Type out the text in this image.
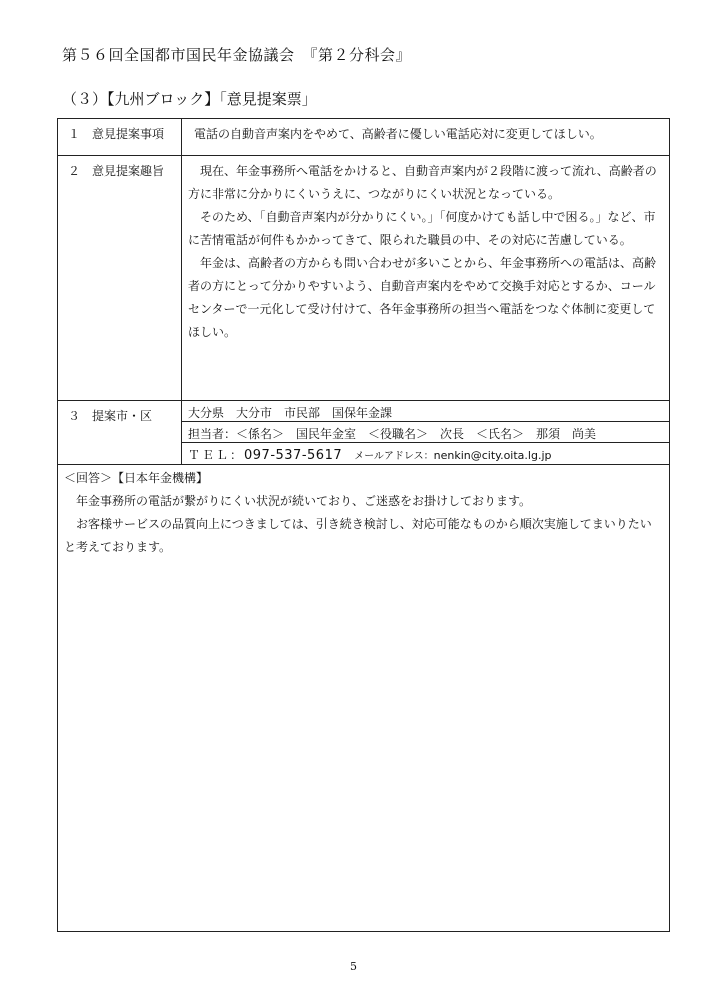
第５６回全国都市国民年金協議会　『第２分科会』
（３）【九州ブロック】「意見提案票」
１　意見提案事項	電話の自動音声案内をやめて、高齢者に優しい電話応対に変更してほしい。
２　意見提案趣旨	現在、年金事務所へ電話をかけると、自動音声案内が２段階に渡って流れ、高齢者の方に非常に分かりにくいうえに、つながりにくい状況となっている。

そのため、「自動音声案内が分かりにくい。」「何度かけても話し中で困る。」など、市に苦情電話が何件もかかってきて、限られた職員の中、その対応に苦慮している。

年金は、高齢者の方からも問い合わせが多いことから、年金事務所への電話は、高齢者の方にとって分かりやすいよう、自動音声案内をやめて交換手対応とするか、コールセンターで一元化して受け付けて、各年金事務所の担当へ電話をつなぐ体制に変更してほしい。

３　提案市・区	大分県　大分市　市民部　国保年金課
担当者：＜係名＞　国民年金室　＜役職名＞　次長　＜氏名＞　那須　尚美
ＴＥＬ：097-537-5617 メールアドレス：nenkin@city.oita.lg.jp

＜回答＞【日本年金機構】

年金事務所の電話が繋がりにくい状況が続いており、ご迷惑をお掛けしております。

お客様サービスの品質向上につきましては、引き続き検討し、対応可能なものから順次実施してまいりたいと考えております。

5
